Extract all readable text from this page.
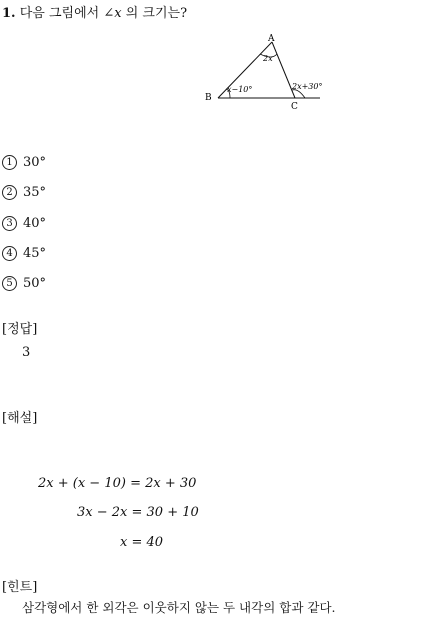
1. 다음 그림에서 ∠x 의 크기는?
A
B
C
2x
x−10°	2x+30°
1 30°
2 35°
3 40°
4 45°
5 50°
[정답]
3
[해설]
2x + (x − 10) = 2x + 30
3x − 2x = 30 + 10
x = 40
[힌트]
삼각형에서 한 외각은 이웃하지 않는 두 내각의 합과 같다.
